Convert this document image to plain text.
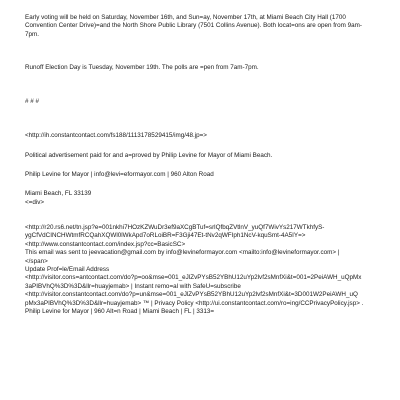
Early voting will be held on Saturday, November 16th, and Sun=ay, November 17th, at Miami Beach City Hall (1700
Convention Center Drive)=and the North Shore Public Library (7501 Collins Avenue). Both locat=ons are open from 9am-
7pm.
Runoff Election Day is Tuesday, November 19th. The polls are =pen from 7am-7pm.
# # #
<http://ih.constantcontact.com/fs188/1113178529415/img/48.jp=>
Political advertisement paid for and a=proved by Philip Levine for Mayor of Miami Beach.
Philip Levine for Mayor | info@levi=eformayor.com | 960 Alton Road
Miami Beach, FL 33139
<=div>
<http://r20.rs6.net/tn.jsp?e=001nkhi7HOzKZWuDr3ef9aXCgBTuf=srlQfbqZVtlnV_yuQf7WivYs217WTkhfyS-
ygCfVdCINCHWtmfRCQahXQWl0lWkApd7oRLoiBR=F3Gji47Et-tNv2qWFIph1NcV-kquSmt-4A5IY=>
<http://www.constantcontact.com/index.jsp?cc=BasicSC>
This email was sent to jeevacation@gmail.com by info@levineformayor.com <mailto:info@levineformayor.com> |
</span>
Update Prof=le/Email Address
<http://visitor.cons=antcontact.com/do?p=oo&mse=001_eJlZvPYsB52YBhU12uYp2lvf2sMnfXi&t=001=2PeiAWH_uQpMx
3aPIBVhQ%3D%3D&llr=huayjemab> | Instant remo=al with SafeU=subscribe
<http://visitor.constantcontact.com/do?p=un&mse=001_eJlZvPYsB52YBhU12uYp2lvf2sMnfXi&t=3D001W2PeiAWH_uQ
pMx3aPIBVhQ%3D%3D&llr=huayjemab> ™ | Privacy Policy <http://ui.constantcontact.com/ro=ing/CCPrivacyPolicy.jsp> .
Philip Levine for Mayor | 960 Alt=n Road | Miami Beach | FL | 3313=
